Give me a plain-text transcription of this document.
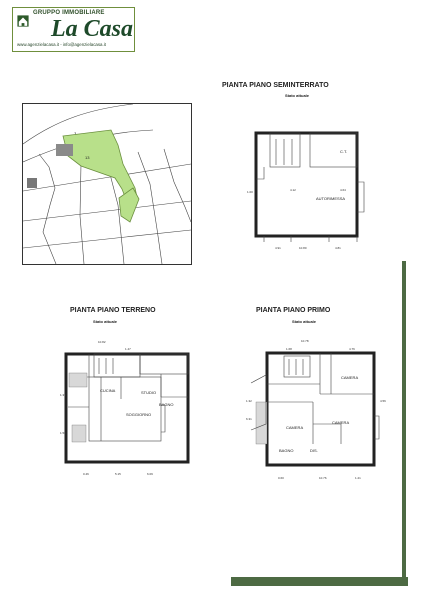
GRUPPO IMMOBILIARE
La Casa
www.agenzielacasa.it - info@agenzielacasa.it
13
PIANTA PIANO SEMINTERRATO
Stato attuale
C.T.
AUTORIMESSA
1.00	4.12	4.64
4.91	10.80	4.81
PIANTA PIANO TERRENO
Stato attuale
STUDIO
CUCINA
BAGNO
SOGGIORNO
10.82
1.47
1.33
1.56
0.46	5.15	6.09
PIANTA PIANO PRIMO
Stato attuale
CAMERA
CAMERA
CAMERA
BAGNO	DIS.
10.78
1.68	4.76
1.32
6.31
4.56
0.60	10.76	1.21
